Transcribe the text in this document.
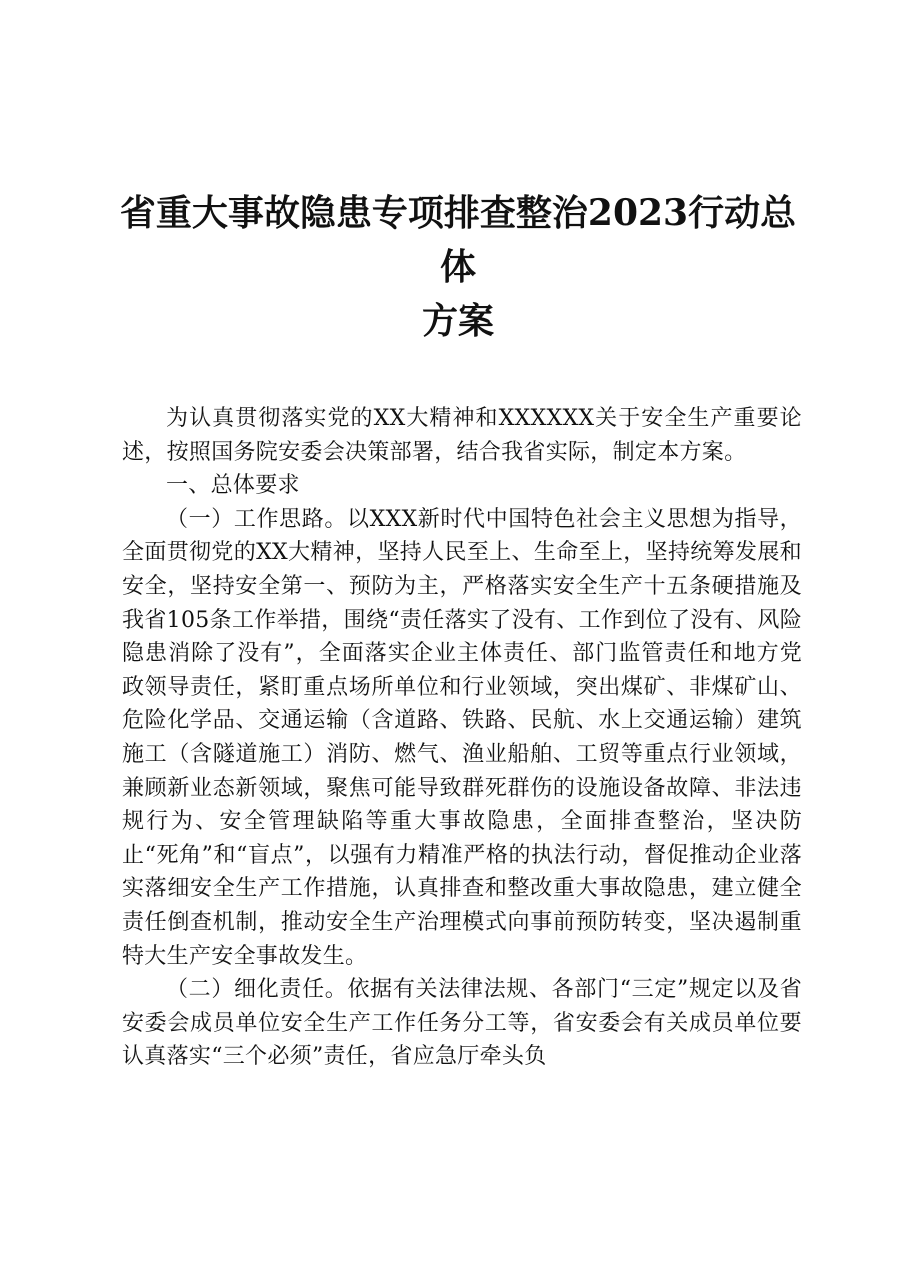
省重大事故隐患专项排查整治2023行动总体
方案

为认真贯彻落实党的XX大精神和XXXXXX关于安全生产重要论述，按照国务院安委会决策部署，结合我省实际，制定本方案。

一、总体要求

（一）工作思路。以XXX新时代中国特色社会主义思想为指导，全面贯彻党的XX大精神，坚持人民至上、生命至上，坚持统筹发展和安全，坚持安全第一、预防为主，严格落实安全生产十五条硬措施及我省105条工作举措，围绕“责任落实了没有、工作到位了没有、风险隐患消除了没有”，全面落实企业主体责任、部门监管责任和地方党政领导责任，紧盯重点场所单位和行业领域，突出煤矿、非煤矿山、危险化学品、交通运输（含道路、铁路、民航、水上交通运输）建筑施工（含隧道施工）消防、燃气、渔业船舶、工贸等重点行业领域，兼顾新业态新领域，聚焦可能导致群死群伤的设施设备故障、非法违规行为、安全管理缺陷等重大事故隐患，全面排查整治，坚决防止“死角”和“盲点”，以强有力精准严格的执法行动，督促推动企业落实落细安全生产工作措施，认真排查和整改重大事故隐患，建立健全责任倒查机制，推动安全生产治理模式向事前预防转变，坚决遏制重特大生产安全事故发生。

（二）细化责任。依据有关法律法规、各部门“三定”规定以及省安委会成员单位安全生产工作任务分工等，省安委会有关成员单位要认真落实“三个必须”责任，省应急厅牵头负
